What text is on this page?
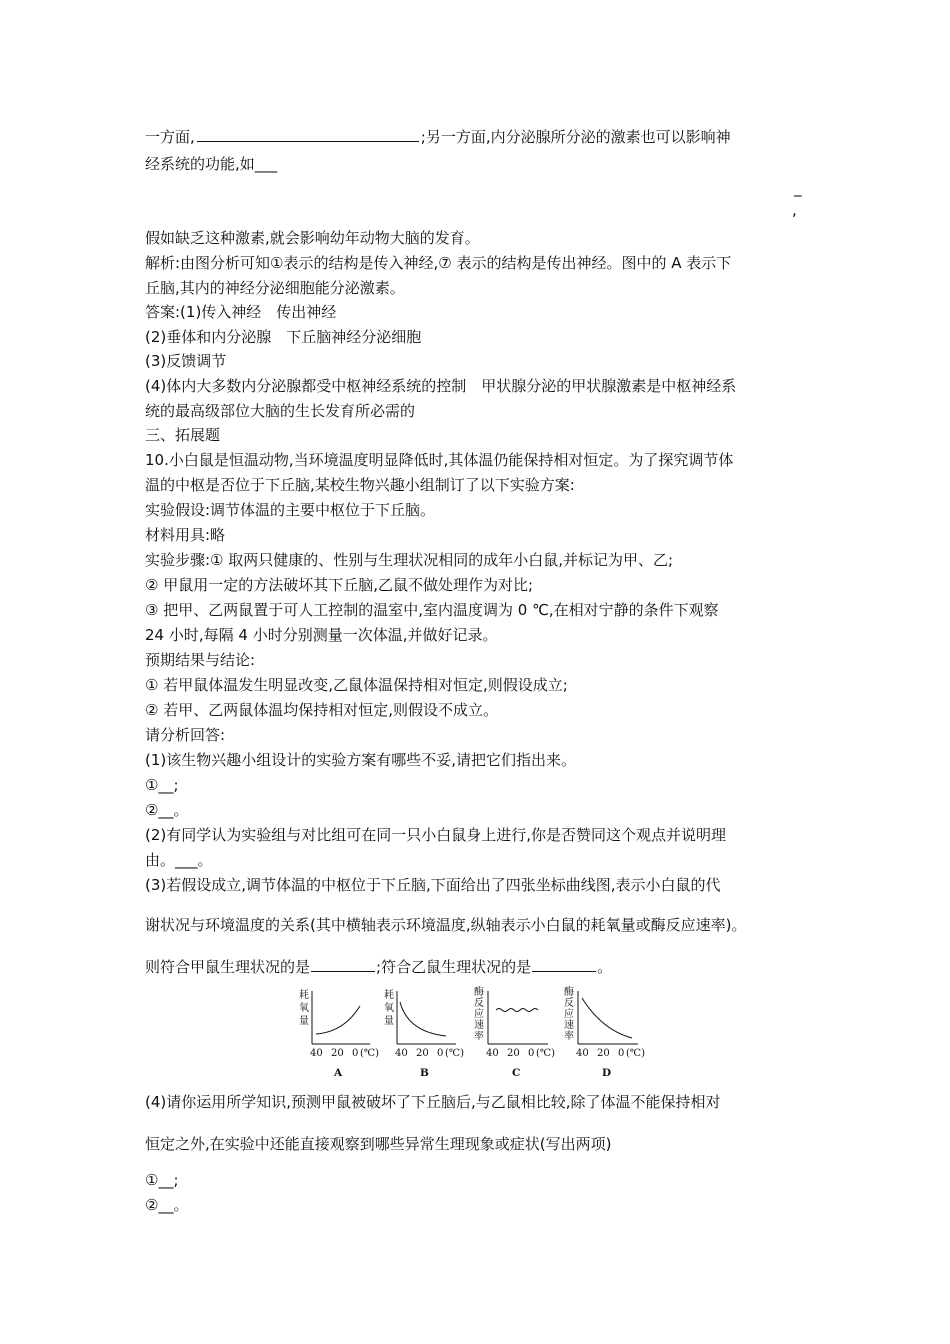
一方面,	;另一方面,内分泌腺所分泌的激素也可以影响神
经系统的功能,如___
_
,
假如缺乏这种激素,就会影响幼年动物大脑的发育。
解析:由图分析可知①表示的结构是传入神经,⑦ 表示的结构是传出神经。图中的 A 表示下
丘脑,其内的神经分泌细胞能分泌激素。
答案:(1)传入神经　传出神经
(2)垂体和内分泌腺　下丘脑神经分泌细胞
(3)反馈调节
(4)体内大多数内分泌腺都受中枢神经系统的控制　甲状腺分泌的甲状腺激素是中枢神经系
统的最高级部位大脑的生长发育所必需的
三、拓展题
10.小白鼠是恒温动物,当环境温度明显降低时,其体温仍能保持相对恒定。为了探究调节体
温的中枢是否位于下丘脑,某校生物兴趣小组制订了以下实验方案:
实验假设:调节体温的主要中枢位于下丘脑。
材料用具:略
实验步骤:① 取两只健康的、性别与生理状况相同的成年小白鼠,并标记为甲、乙;
② 甲鼠用一定的方法破坏其下丘脑,乙鼠不做处理作为对比;
③ 把甲、乙两鼠置于可人工控制的温室中,室内温度调为 0 ℃,在相对宁静的条件下观察
24 小时,每隔 4 小时分别测量一次体温,并做好记录。
预期结果与结论:
① 若甲鼠体温发生明显改变,乙鼠体温保持相对恒定,则假设成立;
② 若甲、乙两鼠体温均保持相对恒定,则假设不成立。
请分析回答:
(1)该生物兴趣小组设计的实验方案有哪些不妥,请把它们指出来。
①__;
②__。
(2)有同学认为实验组与对比组可在同一只小白鼠身上进行,你是否赞同这个观点并说明理
由。___。
(3)若假设成立,调节体温的中枢位于下丘脑,下面给出了四张坐标曲线图,表示小白鼠的代
谢状况与环境温度的关系(其中横轴表示环境温度,纵轴表示小白鼠的耗氧量或酶反应速率)。
则符合甲鼠生理状况的是	;符合乙鼠生理状况的是	。
耗
氧
量
40 20 0 (℃)
A
耗
氧
量
40 20 0 (℃)
B
酶
反
应
速
率
40 20 0 (℃)
C
酶
反
应
速
率
40 20 0 (℃)
D
(4)请你运用所学知识,预测甲鼠被破坏了下丘脑后,与乙鼠相比较,除了体温不能保持相对
恒定之外,在实验中还能直接观察到哪些异常生理现象或症状(写出两项)
①__;
②__。
